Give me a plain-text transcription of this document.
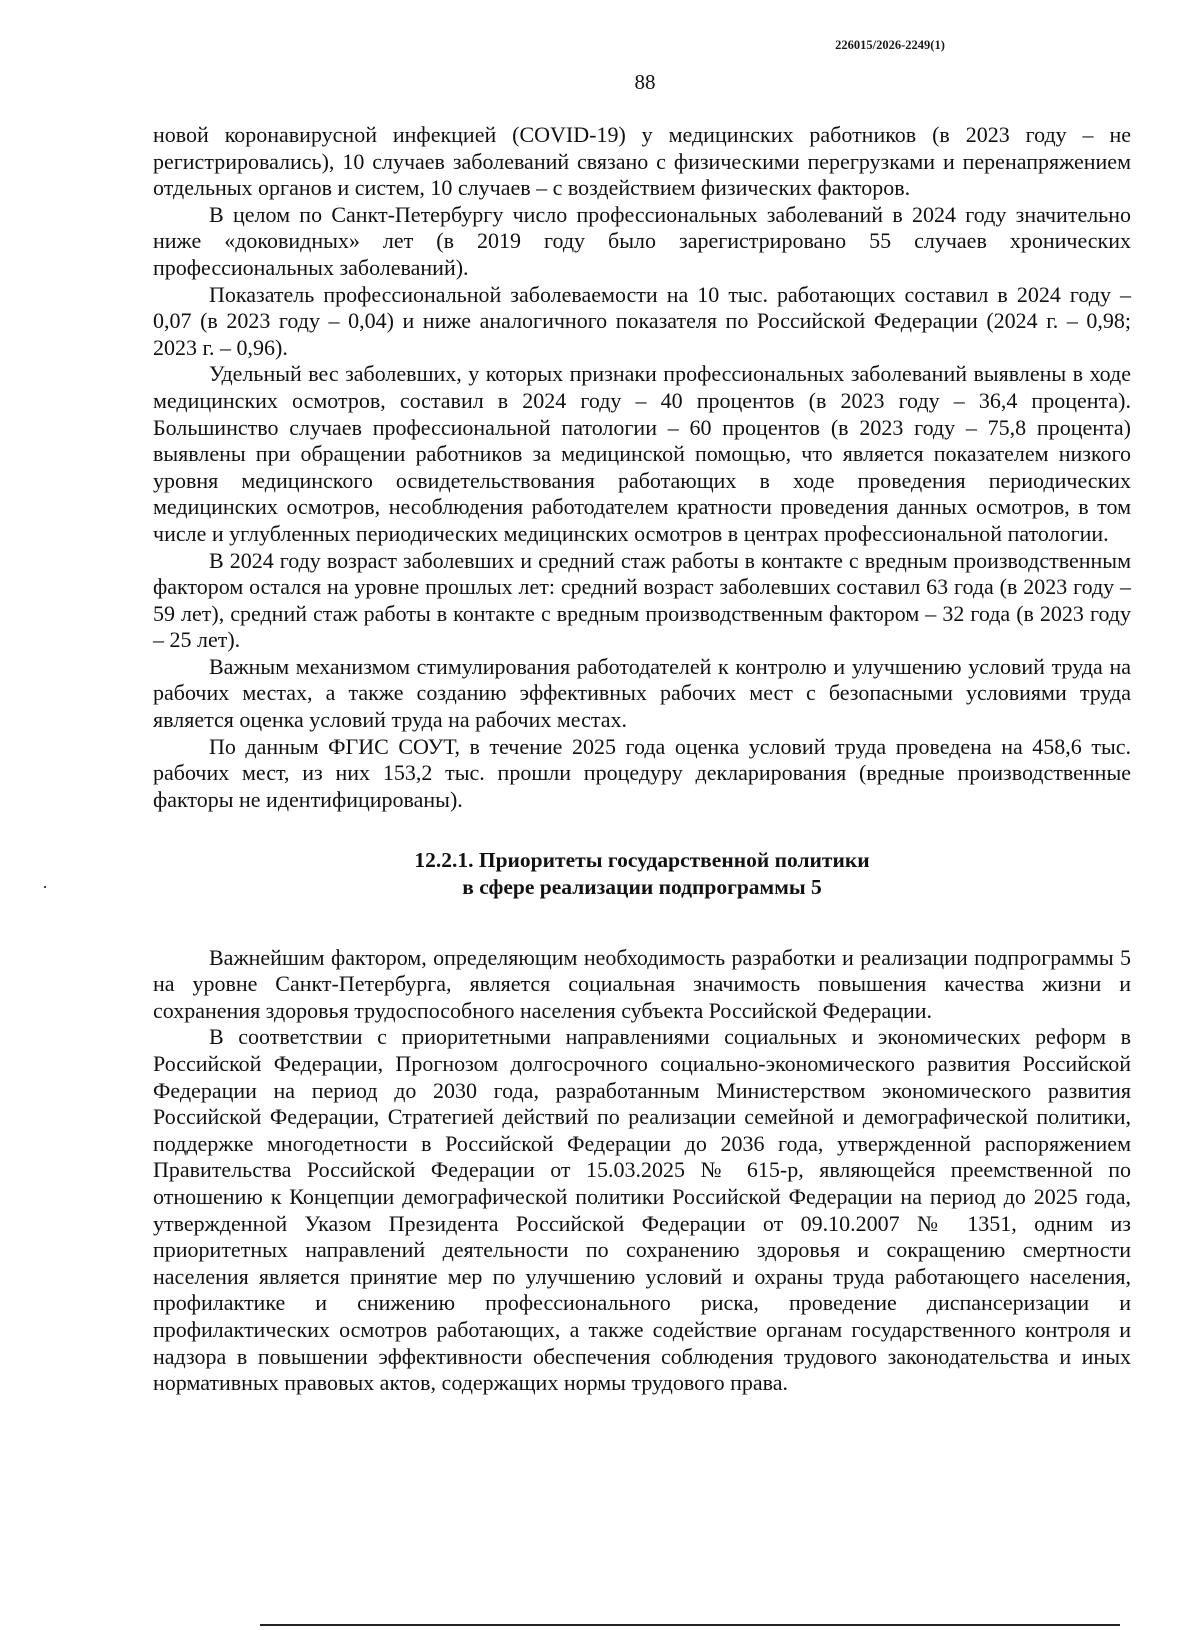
226015/2026-2249(1)
88

новой коронавирусной инфекцией (COVID-19) у медицинских работников (в 2023 году – не регистрировались), 10 случаев заболеваний связано с физическими перегрузками и перенапряжением отдельных органов и систем, 10 случаев – с воздействием физических факторов.

В целом по Санкт-Петербургу число профессиональных заболеваний в 2024 году значительно ниже «доковидных» лет (в 2019 году было зарегистрировано 55 случаев хронических профессиональных заболеваний).

Показатель профессиональной заболеваемости на 10 тыс. работающих составил в 2024 году – 0,07 (в 2023 году – 0,04) и ниже аналогичного показателя по Российской Федерации (2024 г. – 0,98; 2023 г. – 0,96).

Удельный вес заболевших, у которых признаки профессиональных заболеваний выявлены в ходе медицинских осмотров, составил в 2024 году – 40 процентов (в 2023 году – 36,4 процента). Большинство случаев профессиональной патологии – 60 процентов (в 2023 году – 75,8 процента) выявлены при обращении работников за медицинской помощью, что является показателем низкого уровня медицинского освидетельствования работающих в ходе проведения периодических медицинских осмотров, несоблюдения работодателем кратности проведения данных осмотров, в том числе и углубленных периодических медицинских осмотров в центрах профессиональной патологии.

В 2024 году возраст заболевших и средний стаж работы в контакте с вредным производственным фактором остался на уровне прошлых лет: средний возраст заболевших составил 63 года (в 2023 году – 59 лет), средний стаж работы в контакте с вредным производственным фактором – 32 года (в 2023 году – 25 лет).

Важным механизмом стимулирования работодателей к контролю и улучшению условий труда на рабочих местах, а также созданию эффективных рабочих мест с безопасными условиями труда является оценка условий труда на рабочих местах.

По данным ФГИС СОУТ, в течение 2025 года оценка условий труда проведена на 458,6 тыс. рабочих мест, из них 153,2 тыс. прошли процедуру декларирования (вредные производственные факторы не идентифицированы).

12.2.1. Приоритеты государственной политики
в сфере реализации подпрограммы 5

Важнейшим фактором, определяющим необходимость разработки и реализации подпрограммы 5 на уровне Санкт-Петербурга, является социальная значимость повышения качества жизни и сохранения здоровья трудоспособного населения субъекта Российской Федерации.

В соответствии с приоритетными направлениями социальных и экономических реформ в Российской Федерации, Прогнозом долгосрочного социально-экономического развития Российской Федерации на период до 2030 года, разработанным Министерством экономического развития Российской Федерации, Стратегией действий по реализации семейной и демографической политики, поддержке многодетности в Российской Федерации до 2036 года, утвержденной распоряжением Правительства Российской Федерации от 15.03.2025 № 615-р, являющейся преемственной по отношению к Концепции демографической политики Российской Федерации на период до 2025 года, утвержденной Указом Президента Российской Федерации от 09.10.2007 № 1351, одним из приоритетных направлений деятельности по сохранению здоровья и сокращению смертности населения является принятие мер по улучшению условий и охраны труда работающего населения, профилактике и снижению профессионального риска, проведение диспансеризации и профилактических осмотров работающих, а также содействие органам государственного контроля и надзора в повышении эффективности обеспечения соблюдения трудового законодательства и иных нормативных правовых актов, содержащих нормы трудового права.
